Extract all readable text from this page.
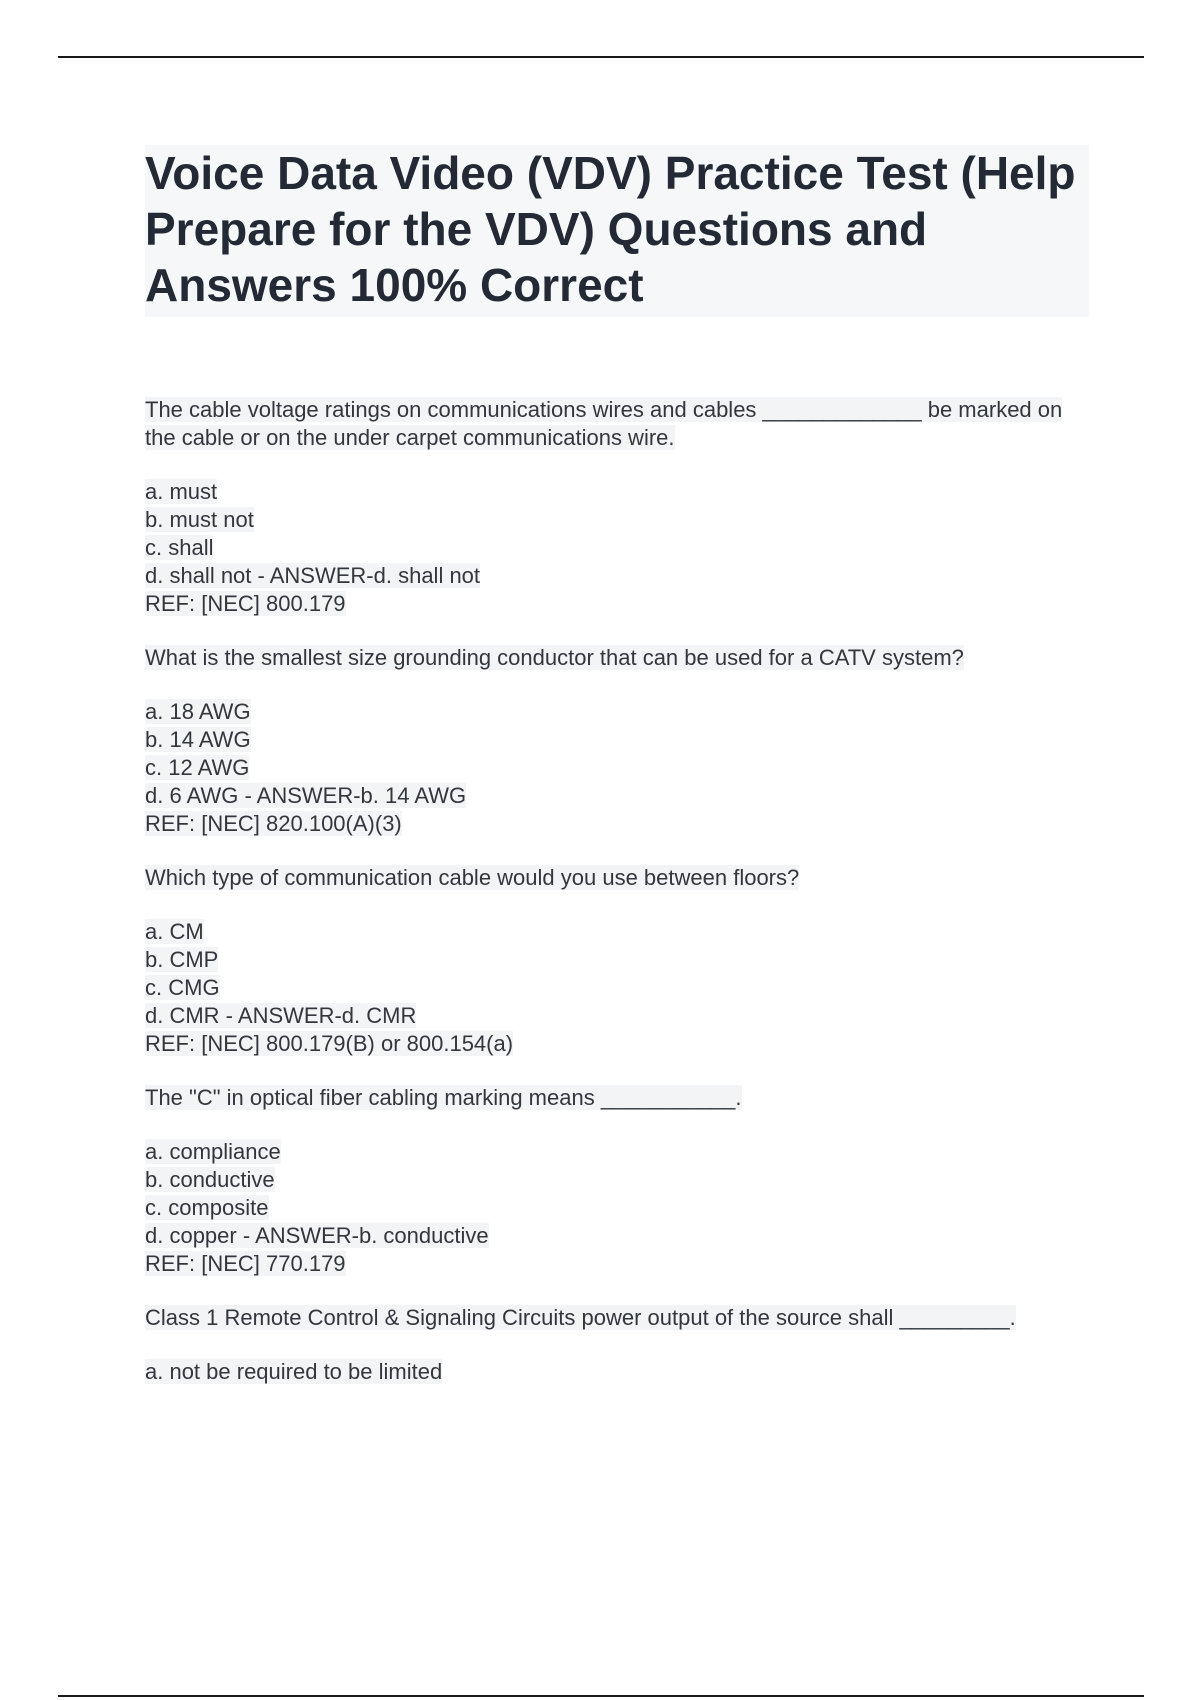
Voice Data Video (VDV) Practice Test (Help Prepare for the VDV) Questions and Answers 100% Correct
The cable voltage ratings on communications wires and cables _____________ be marked on the cable or on the under carpet communications wire.
a. must
b. must not
c. shall
d. shall not - ANSWER-d. shall not
REF: [NEC] 800.179
What is the smallest size grounding conductor that can be used for a CATV system?
a. 18 AWG
b. 14 AWG
c. 12 AWG
d. 6 AWG - ANSWER-b. 14 AWG
REF: [NEC] 820.100(A)(3)
Which type of communication cable would you use between floors?
a. CM
b. CMP
c. CMG
d. CMR - ANSWER-d. CMR
REF: [NEC] 800.179(B) or 800.154(a)
The "C" in optical fiber cabling marking means ___________.
a. compliance
b. conductive
c. composite
d. copper - ANSWER-b. conductive
REF: [NEC] 770.179
Class 1 Remote Control & Signaling Circuits power output of the source shall _________.
a. not be required to be limited
